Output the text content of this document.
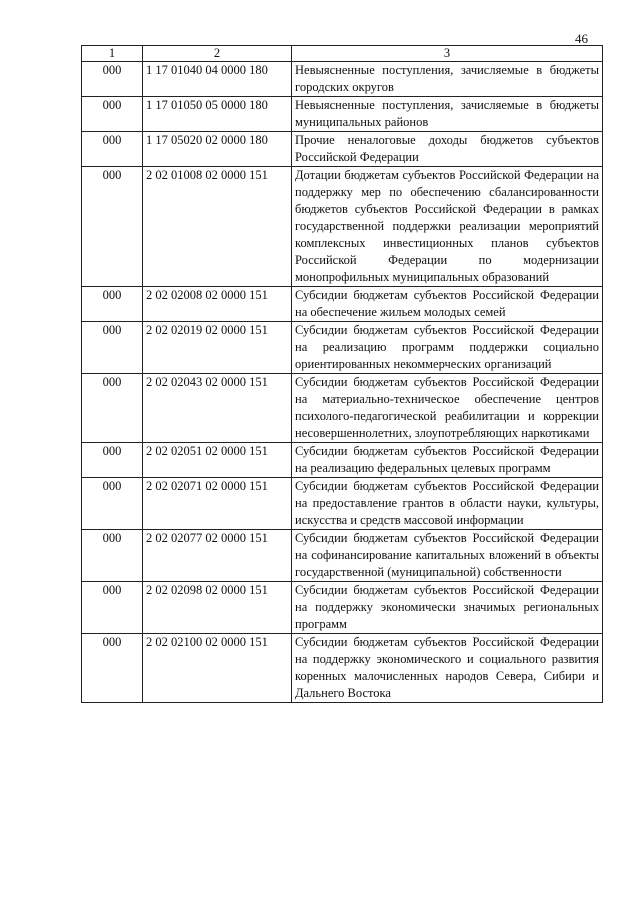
46
1	2	3
000	1 17 01040 04 0000 180	Невыясненные поступления, зачисляемые в бюджеты городских округов
000	1 17 01050 05 0000 180	Невыясненные поступления, зачисляемые в бюджеты муниципальных районов
000	1 17 05020 02 0000 180	Прочие неналоговые доходы бюджетов субъектов Российской Федерации
000	2 02 01008 02 0000 151	Дотации бюджетам субъектов Российской Федерации на поддержку мер по обеспечению сбалансированности бюджетов субъектов Российской Федерации в рамках государственной поддержки реализации мероприятий комплексных инвестиционных планов субъектов Российской Федерации по модернизации монопрофильных муниципальных образований
000	2 02 02008 02 0000 151	Субсидии бюджетам субъектов Российской Федерации на обеспечение жильем молодых семей
000	2 02 02019 02 0000 151	Субсидии бюджетам субъектов Российской Федерации на реализацию программ поддержки социально ориентированных некоммерческих организаций
000	2 02 02043 02 0000 151	Субсидии бюджетам субъектов Российской Федерации на материально-техническое обеспечение центров психолого-педагогической реабилитации и коррекции несовершеннолетних, злоупотребляющих наркотиками
000	2 02 02051 02 0000 151	Субсидии бюджетам субъектов Российской Федерации на реализацию федеральных целевых программ
000	2 02 02071 02 0000 151	Субсидии бюджетам субъектов Российской Федерации на предоставление грантов в области науки, культуры, искусства и средств массовой информации
000	2 02 02077 02 0000 151	Субсидии бюджетам субъектов Российской Федерации на софинансирование капитальных вложений в объекты государственной (муниципальной) собственности
000	2 02 02098 02 0000 151	Субсидии бюджетам субъектов Российской Федерации на поддержку экономически значимых региональных программ
000	2 02 02100 02 0000 151	Субсидии бюджетам субъектов Российской Федерации на поддержку экономического и социального развития коренных малочисленных народов Севера, Сибири и Дальнего Востока
